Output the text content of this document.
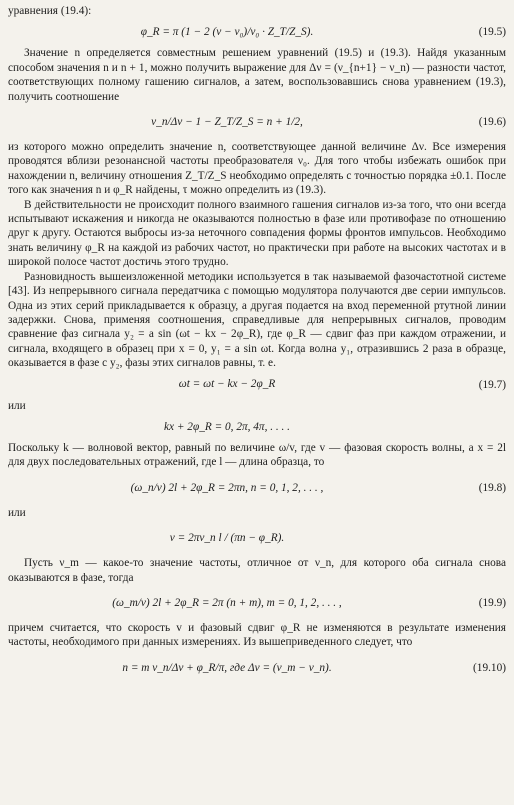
уравнения (19.4):

φ_R = π (1 − 2 (ν − ν₀)/ν₀ · Z_T/Z_S).	(19.5)

Значение n определяется совместным решением уравнений (19.5) и (19.3). Найдя указанным способом значения n и n + 1, можно получить выражение для Δν = (ν_{n+1} − ν_n) — разности частот, соответствующих полному гашению сигналов, а затем, воспользовавшись снова уравнением (19.3), получить соотношение

ν_n/Δν − 1 − Z_T/Z_S = n + 1/2,	(19.6)

из которого можно определить значение n, соответствующее данной величине Δν. Все измерения проводятся вблизи резонансной частоты преобразователя ν₀. Для того чтобы избежать ошибок при нахождении n, величину отношения Z_T/Z_S необходимо определять с точностью порядка ±0.1. После того как значения n и φ_R найдены, τ можно определить из (19.3).

В действительности не происходит полного взаимного гашения сигналов из-за того, что они всегда испытывают искажения и никогда не оказываются полностью в фазе или противофазе по отношению друг к другу. Остаются выбросы из-за неточного совпадения формы фронтов импульсов. Необходимо знать величину φ_R на каждой из рабочих частот, но практически при работе на высоких частотах и в широкой полосе частот достичь этого трудно.

Разновидность вышеизложенной методики используется в так называемой фазочастотной системе [43]. Из непрерывного сигнала передатчика с помощью модулятора получаются две серии импульсов. Одна из этих серий прикладывается к образцу, а другая подается на вход переменной ртутной линии задержки. Снова, применяя соотношения, справедливые для непрерывных сигналов, проводим сравнение фаз сигнала y₂ = a sin (ωt − kx − 2φ_R), где φ_R — сдвиг фаз при каждом отражении, и сигнала, входящего в образец при x = 0, y₁ = a sin ωt. Когда волна y₁, отразившись 2 раза в образце, оказывается в фазе с y₂, фазы этих сигналов равны, т. е.

ωt = ωt − kx − 2φ_R	(19.7)

или

kx + 2φ_R = 0, 2π, 4π, . . . .

Поскольку k — волновой вектор, равный по величине ω/v, где v — фазовая скорость волны, а x = 2l для двух последовательных отражений, где l — длина образца, то

(ω_n/v) 2l + 2φ_R = 2πn, n = 0, 1, 2, . . . ,	(19.8)

или

v = 2πν_n l / (πn − φ_R).

Пусть ν_m — какое-то значение частоты, отличное от ν_n, для которого оба сигнала снова оказываются в фазе, тогда

(ω_m/v) 2l + 2φ_R = 2π (n + m), m = 0, 1, 2, . . . ,	(19.9)

причем считается, что скорость v и фазовый сдвиг φ_R не изменяются в результате изменения частоты, необходимого при данных измерениях. Из вышеприведенного следует, что

n = m ν_n/Δν + φ_R/π, где Δν = (ν_m − ν_n).	(19.10)
